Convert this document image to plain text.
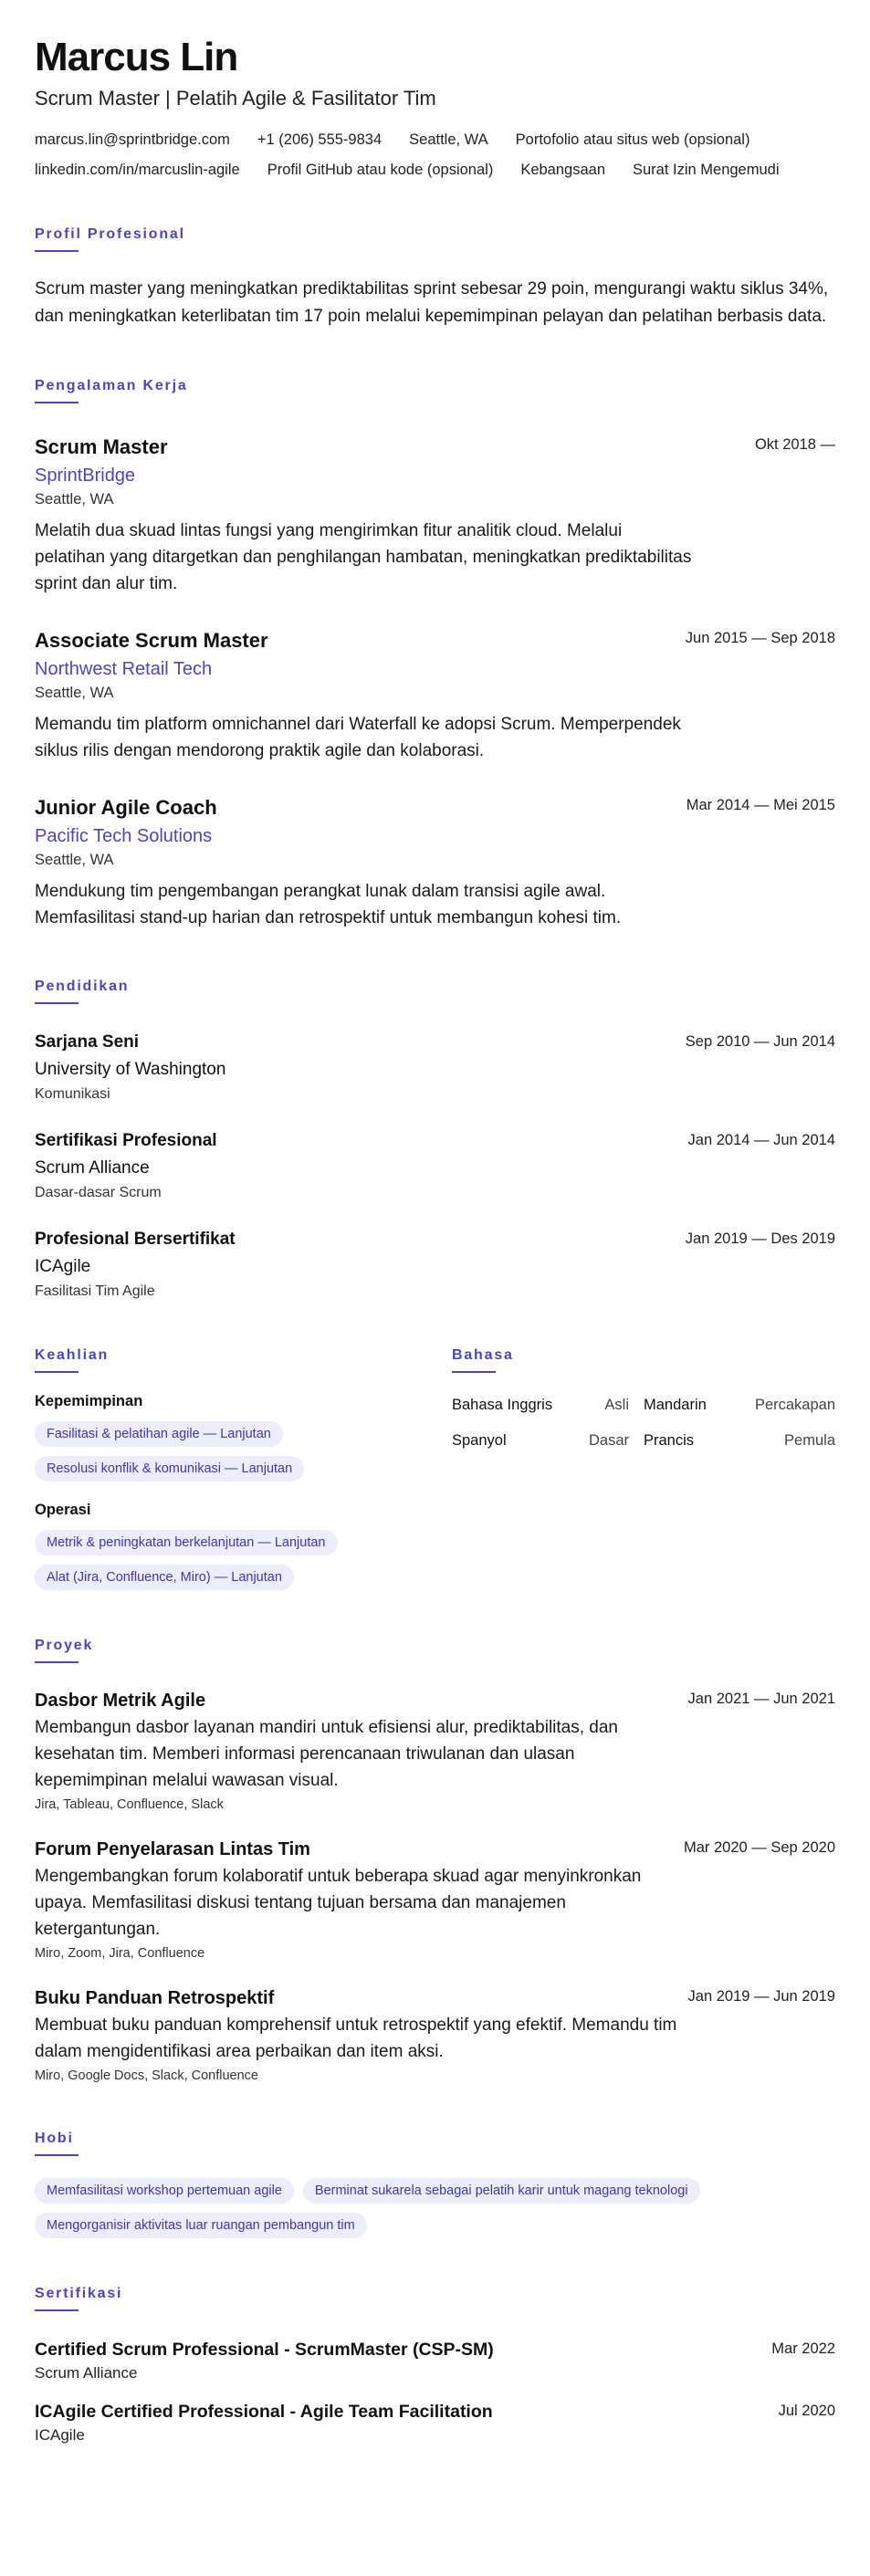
Marcus Lin
Scrum Master | Pelatih Agile & Fasilitator Tim
marcus.lin@sprintbridge.com +1 (206) 555-9834 Seattle, WA Portofolio atau situs web (opsional)
linkedin.com/in/marcuslin-agile Profil GitHub atau kode (opsional) Kebangsaan Surat Izin Mengemudi
Profil Profesional

Scrum master yang meningkatkan prediktabilitas sprint sebesar 29 poin, mengurangi waktu siklus 34%, dan meningkatkan keterlibatan tim 17 poin melalui kepemimpinan pelayan dan pelatihan berbasis data.

Pengalaman Kerja
Scrum Master
SprintBridge
Seattle, WA
Melatih dua skuad lintas fungsi yang mengirimkan fitur analitik cloud. Melalui pelatihan yang ditargetkan dan penghilangan hambatan, meningkatkan prediktabilitas sprint dan alur tim.
Okt 2018 —
Associate Scrum Master
Northwest Retail Tech
Seattle, WA
Memandu tim platform omnichannel dari Waterfall ke adopsi Scrum. Memperpendek siklus rilis dengan mendorong praktik agile dan kolaborasi.
Jun 2015 — Sep 2018
Junior Agile Coach
Pacific Tech Solutions
Seattle, WA
Mendukung tim pengembangan perangkat lunak dalam transisi agile awal. Memfasilitasi stand-up harian dan retrospektif untuk membangun kohesi tim.
Mar 2014 — Mei 2015
Pendidikan
Sarjana Seni
University of Washington
Komunikasi
Sep 2010 — Jun 2014
Sertifikasi Profesional
Scrum Alliance
Dasar-dasar Scrum
Jan 2014 — Jun 2014
Profesional Bersertifikat
ICAgile
Fasilitasi Tim Agile
Jan 2019 — Des 2019
Keahlian
Kepemimpinan
Fasilitasi & pelatihan agile — Lanjutan
Resolusi konflik & komunikasi — Lanjutan
Operasi
Metrik & peningkatan berkelanjutan — Lanjutan
Alat (Jira, Confluence, Miro) — Lanjutan
Bahasa
Bahasa Inggris	Asli Mandarin	Percakapan
Spanyol	Dasar Prancis	Pemula
Proyek
Dasbor Metrik Agile
Membangun dasbor layanan mandiri untuk efisiensi alur, prediktabilitas, dan kesehatan tim. Memberi informasi perencanaan triwulanan dan ulasan kepemimpinan melalui wawasan visual.
Jira, Tableau, Confluence, Slack
Jan 2021 — Jun 2021
Forum Penyelarasan Lintas Tim
Mengembangkan forum kolaboratif untuk beberapa skuad agar menyinkronkan upaya. Memfasilitasi diskusi tentang tujuan bersama dan manajemen ketergantungan.
Miro, Zoom, Jira, Confluence
Mar 2020 — Sep 2020
Buku Panduan Retrospektif
Membuat buku panduan komprehensif untuk retrospektif yang efektif. Memandu tim dalam mengidentifikasi area perbaikan dan item aksi.
Miro, Google Docs, Slack, Confluence
Jan 2019 — Jun 2019
Hobi
Memfasilitasi workshop pertemuan agile	Berminat sukarela sebagai pelatih karir untuk magang teknologi
Mengorganisir aktivitas luar ruangan pembangun tim
Sertifikasi
Certified Scrum Professional - ScrumMaster (CSP-SM)
Scrum Alliance
Mar 2022
ICAgile Certified Professional - Agile Team Facilitation
ICAgile
Jul 2020
